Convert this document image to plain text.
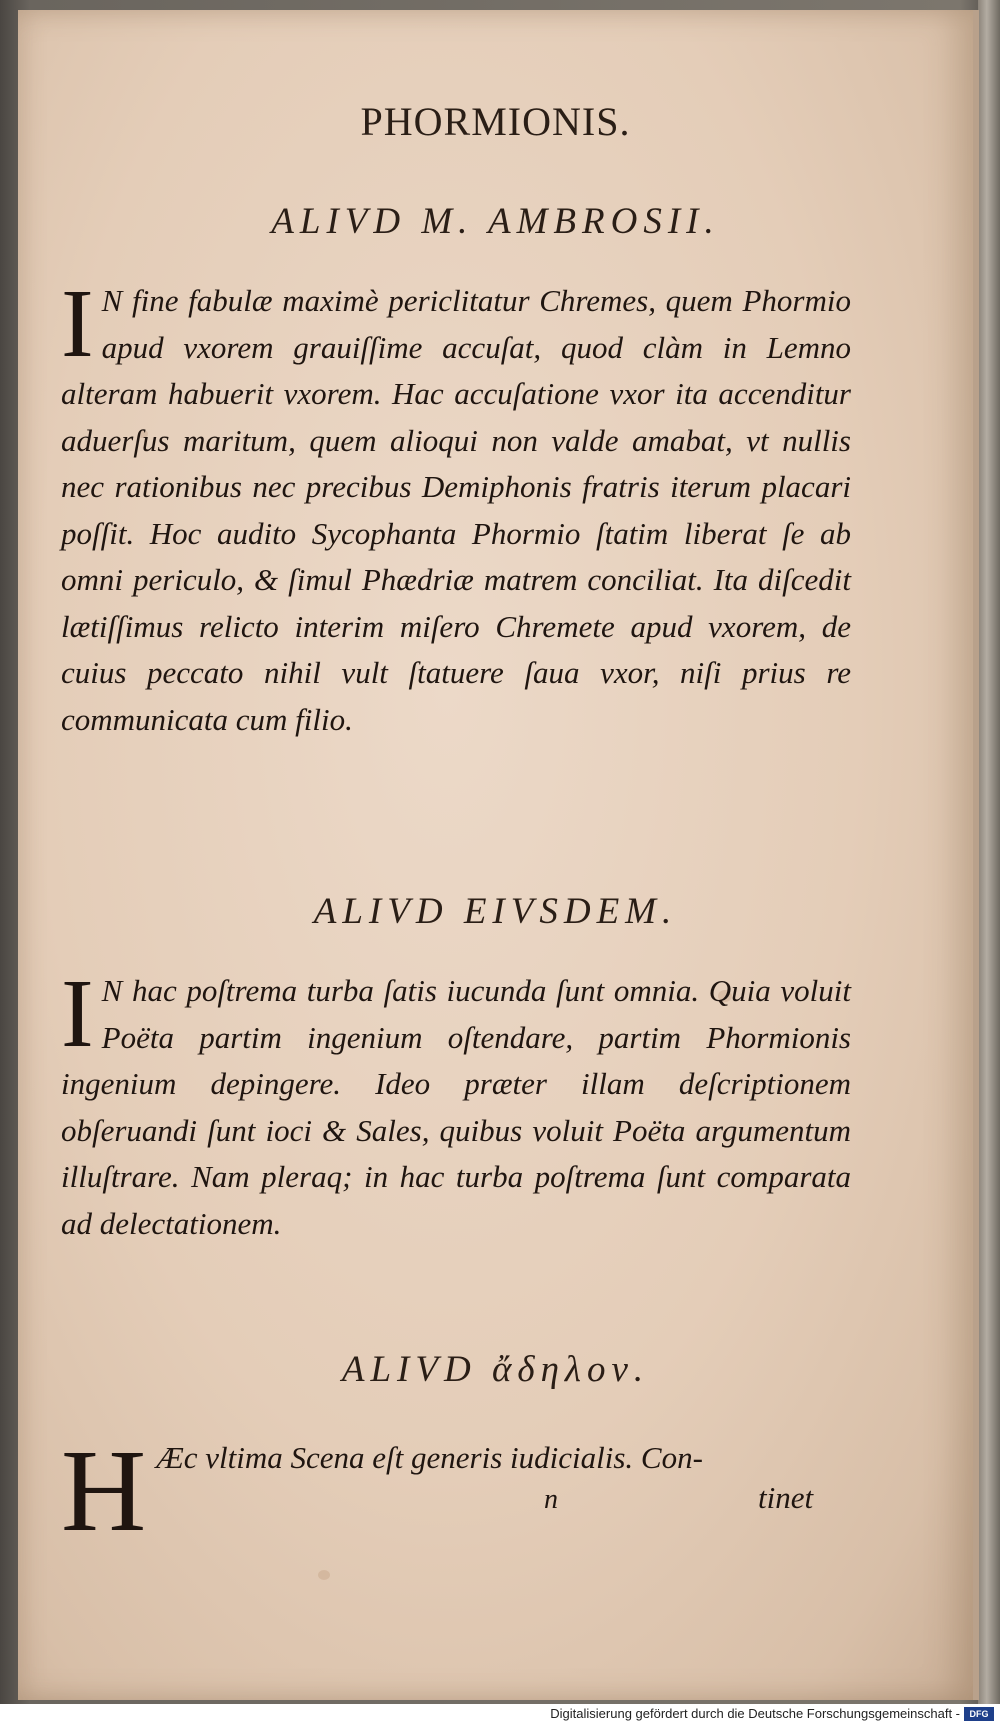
PHORMIONIS.
ALIVD M. AMBROSII.
I N fine fabulæ maximè periclitatur Chremes, quem Phormio apud vxorem grauiſſime accuſat, quod clàm in Lemno alteram habuerit vxorem. Hac accuſatione vxor ita accenditur aduerſus maritum, quem alioqui non valde amabat, vt nullis nec rationibus nec precibus Demiphonis fratris iterum placari poſſit. Hoc audito Sycophanta Phormio ſtatim liberat ſe ab omni periculo, & ſimul Phædriæ matrem conciliat. Ita diſcedit lætiſſimus relicto interim miſero Chremete apud vxorem, de cuius peccato nihil vult ſtatuere ſaua vxor, niſi prius re communicata cum filio.
ALIVD EIVSDEM.
I N hac poſtrema turba ſatis iucunda ſunt omnia. Quia voluit Poëta partim ingenium oſtendare, partim Phormionis ingenium depingere. Ideo præter illam deſcriptionem obſeruandi ſunt ioci & Sales, quibus voluit Poëta argumentum illuſtrare. Nam pleraq; in hac turba poſtrema ſunt comparata ad delectationem.
ALIVD ἄδηλον.
H Æc vltima Scena eſt generis iudicialis. Con-
n	tinet
Digitalisierung gefördert durch die Deutsche Forschungsgemeinschaft -	DFG
